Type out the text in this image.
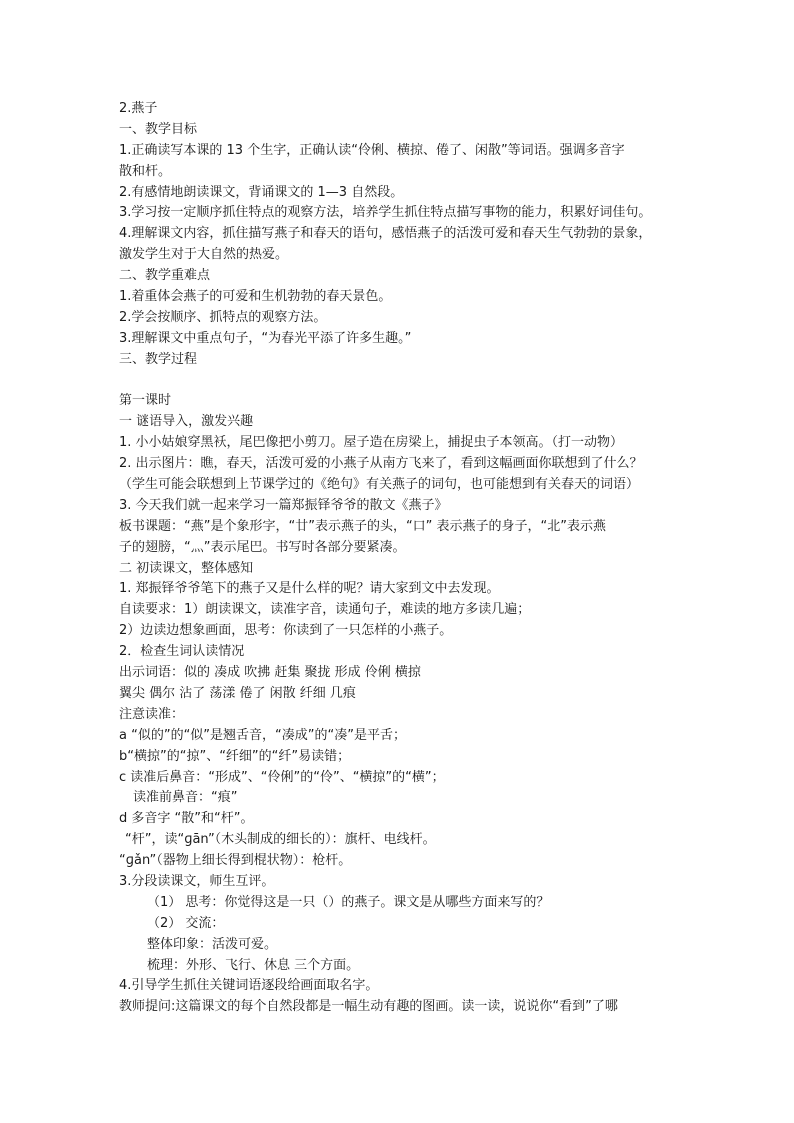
2.燕子
一、教学目标
1.正确读写本课的 13 个生字，正确认读“伶俐、横掠、倦了、闲散”等词语。强调多音字
散和杆。
2.有感情地朗读课文，背诵课文的 1—3 自然段。
3.学习按一定顺序抓住特点的观察方法，培养学生抓住特点描写事物的能力，积累好词佳句。
4.理解课文内容，抓住描写燕子和春天的语句，感悟燕子的活泼可爱和春天生气勃勃的景象，
激发学生对于大自然的热爱。
二、教学重难点
1.着重体会燕子的可爱和生机勃勃的春天景色。
2.学会按顺序、抓特点的观察方法。
3.理解课文中重点句子，“为春光平添了许多生趣。”
三、教学过程
第一课时
一 谜语导入，激发兴趣
1. 小小姑娘穿黑袄，尾巴像把小剪刀。屋子造在房梁上，捕捉虫子本领高。（打一动物）
2. 出示图片：瞧，春天，活泼可爱的小燕子从南方飞来了，看到这幅画面你联想到了什么？
（学生可能会联想到上节课学过的《绝句》有关燕子的词句，也可能想到有关春天的词语）
3. 今天我们就一起来学习一篇郑振铎爷爷的散文《燕子》
板书课题：“燕”是个象形字，“廿”表示燕子的头，“口” 表示燕子的身子，“北”表示燕
子的翅膀，“灬”表示尾巴。书写时各部分要紧凑。
二 初读课文，整体感知
1. 郑振铎爷爷笔下的燕子又是什么样的呢？请大家到文中去发现。
自读要求：1）朗读课文，读准字音，读通句子，难读的地方多读几遍；
2）边读边想象画面，思考：你读到了一只怎样的小燕子。
2．检查生词认读情况
出示词语：似的 凑成 吹拂 赶集 聚拢 形成 伶俐 横掠
翼尖 偶尔 沾了 荡漾 倦了 闲散 纤细 几痕
注意读准：
a “似的”的“似”是翘舌音，“凑成”的“凑”是平舌；
b“横掠”的“掠”、“纤细”的“纤”易读错；
c 读准后鼻音：“形成”、“伶俐”的“伶”、“横掠”的“横”；
读准前鼻音：“痕”
d 多音字 “散”和“杆”。
“杆”，读“ɡān”（木头制成的细长的）：旗杆、电线杆。
“ɡǎn”（器物上细长得到棍状物）：枪杆。
3.分段读课文，师生互评。
（1） 思考：你觉得这是一只（）的燕子。课文是从哪些方面来写的？
（2） 交流：
整体印象：活泼可爱。
梳理：外形、飞行、休息 三个方面。
4.引导学生抓住关键词语逐段给画面取名字。
教师提问:这篇课文的每个自然段都是一幅生动有趣的图画。读一读，说说你“看到”了哪
